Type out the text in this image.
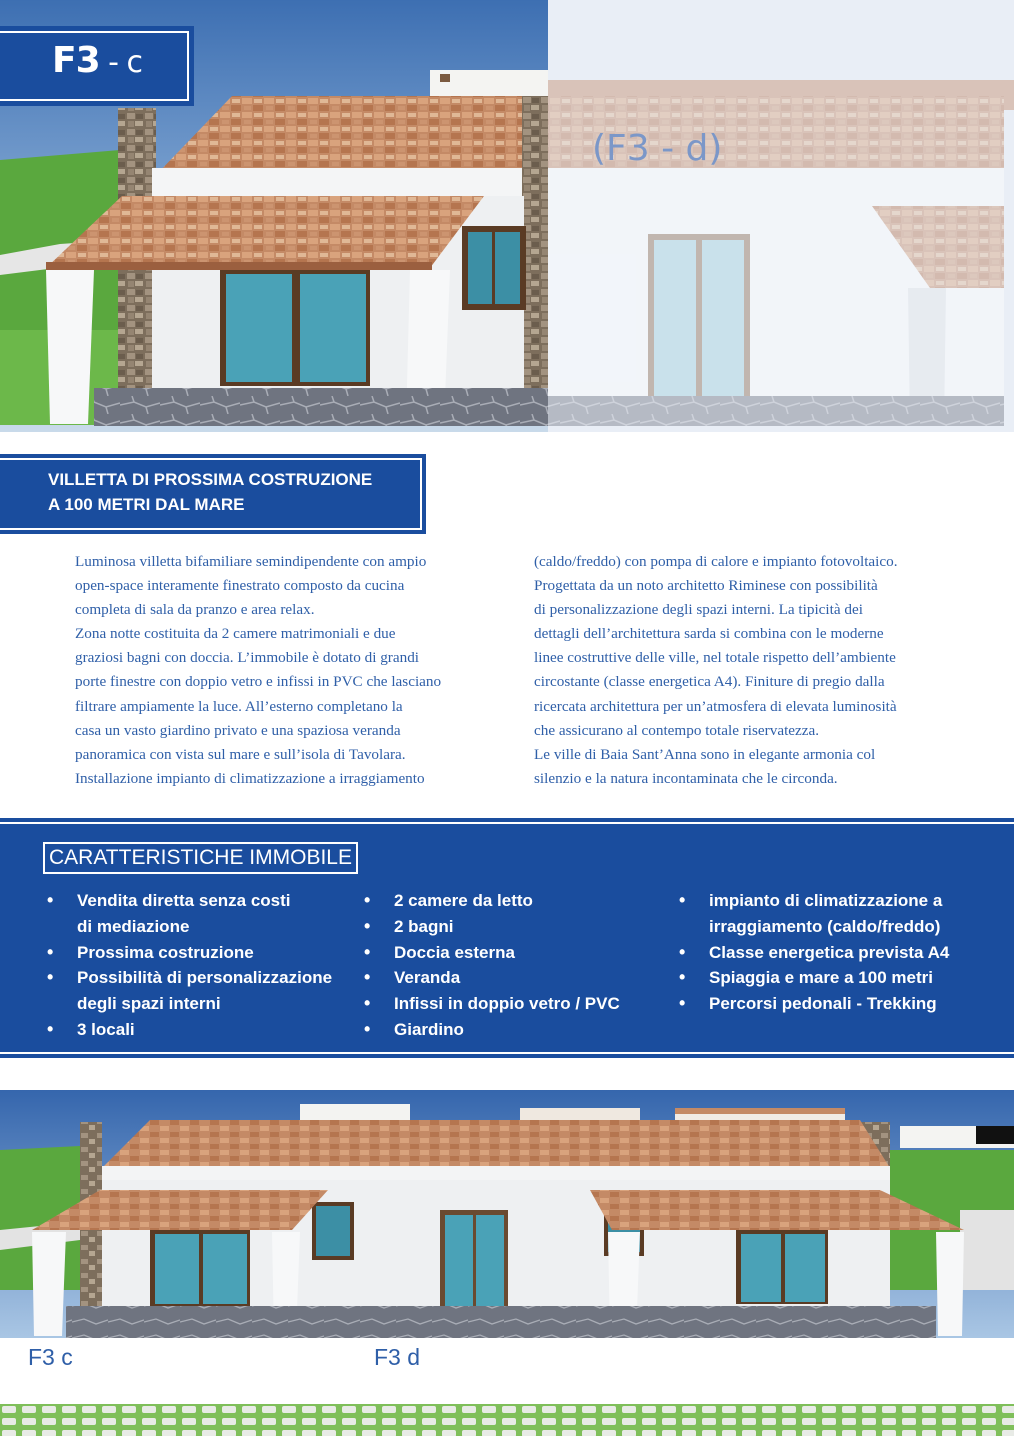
F3 - c
(F3 - d)
VILLETTA DI PROSSIMA COSTRUZIONE
A 100 METRI DAL MARE
Luminosa villetta bifamiliare semindipendente con ampio
open-space interamente finestrato composto da cucina
completa di sala da pranzo e area relax.
Zona notte costituita da 2 camere matrimoniali e due
graziosi bagni con doccia. L’immobile è dotato di grandi
porte finestre con doppio vetro e infissi in PVC che lasciano
filtrare ampiamente la luce. All’esterno completano la
casa un vasto giardino privato e una spaziosa veranda
panoramica con vista sul mare e sull’isola di Tavolara.
Installazione impianto di climatizzazione a irraggiamento
(caldo/freddo) con pompa di calore e impianto fotovoltaico.
Progettata da un noto architetto Riminese con possibilità
di personalizzazione degli spazi interni. La tipicità dei
dettagli dell’architettura sarda si combina con le moderne
linee costruttive delle ville, nel totale rispetto dell’ambiente
circostante (classe energetica A4). Finiture di pregio dalla
ricercata architettura per un’atmosfera di elevata luminosità
che assicurano al contempo totale riservatezza.
Le ville di Baia Sant’Anna sono in elegante armonia col
silenzio e la natura incontaminata che le circonda.
CARATTERISTICHE IMMOBILE
• Vendita diretta senza costi
di mediazione
• Prossima costruzione
• Possibilità di personalizzazione
degli spazi interni
• 3 locali
• 2 camere da letto
• 2 bagni
• Doccia esterna
• Veranda
• Infissi in doppio vetro / PVC
• Giardino
• impianto di climatizzazione a
irraggiamento (caldo/freddo)
• Classe energetica prevista A4
• Spiaggia e mare a 100 metri
• Percorsi pedonali - Trekking
F3 c	F3 d
